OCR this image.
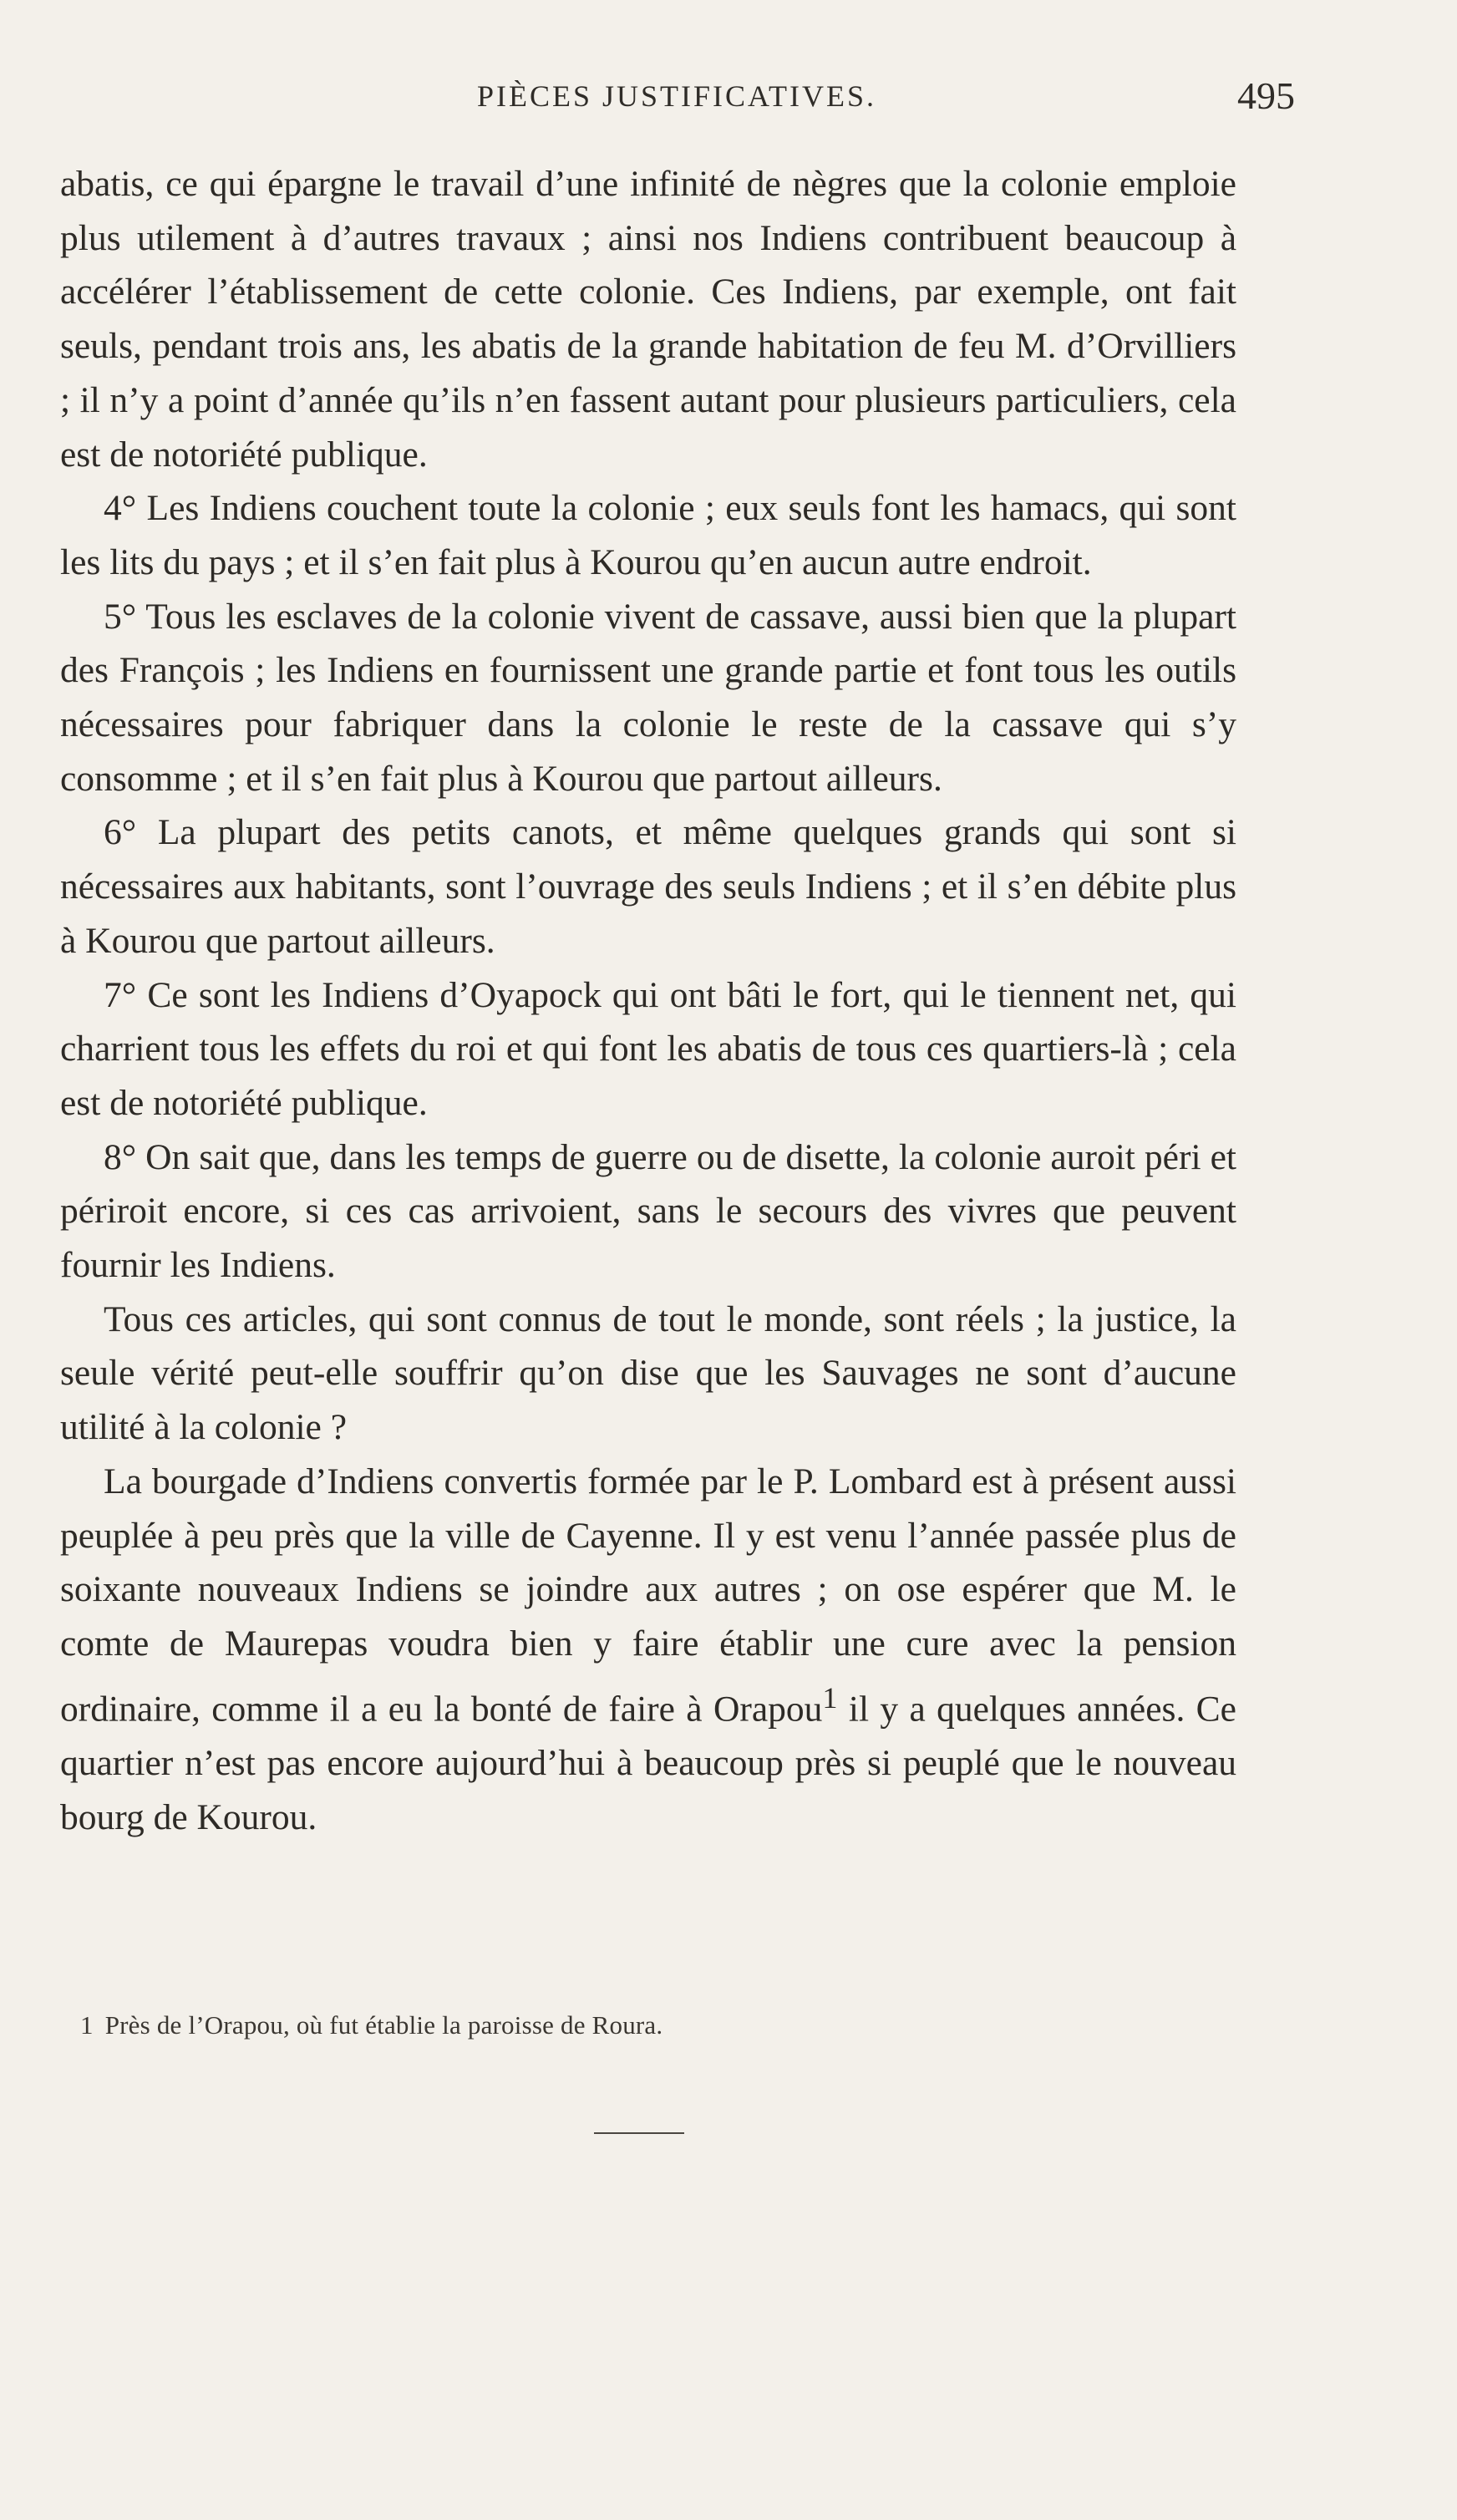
PIÈCES JUSTIFICATIVES.	495

abatis, ce qui épargne le travail d’une infinité de nègres que la colonie emploie plus utilement à d’autres travaux ; ainsi nos Indiens contribuent beaucoup à accélérer l’établissement de cette colonie. Ces Indiens, par exemple, ont fait seuls, pendant trois ans, les abatis de la grande habitation de feu M. d’Orvilliers ; il n’y a point d’année qu’ils n’en fassent autant pour plusieurs particuliers, cela est de notoriété publique.

4° Les Indiens couchent toute la colonie ; eux seuls font les hamacs, qui sont les lits du pays ; et il s’en fait plus à Kourou qu’en aucun autre endroit.

5° Tous les esclaves de la colonie vivent de cassave, aussi bien que la plupart des François ; les Indiens en fournissent une grande partie et font tous les outils nécessaires pour fabriquer dans la colonie le reste de la cassave qui s’y consomme ; et il s’en fait plus à Kourou que partout ailleurs.

6° La plupart des petits canots, et même quelques grands qui sont si nécessaires aux habitants, sont l’ouvrage des seuls Indiens ; et il s’en débite plus à Kourou que partout ailleurs.

7° Ce sont les Indiens d’Oyapock qui ont bâti le fort, qui le tiennent net, qui charrient tous les effets du roi et qui font les abatis de tous ces quartiers-là ; cela est de notoriété publique.

8° On sait que, dans les temps de guerre ou de disette, la colonie auroit péri et périroit encore, si ces cas arrivoient, sans le secours des vivres que peuvent fournir les Indiens.

Tous ces articles, qui sont connus de tout le monde, sont réels ; la justice, la seule vérité peut-elle souffrir qu’on dise que les Sauvages ne sont d’aucune utilité à la colonie ?

La bourgade d’Indiens convertis formée par le P. Lombard est à présent aussi peuplée à peu près que la ville de Cayenne. Il y est venu l’année passée plus de soixante nouveaux Indiens se joindre aux autres ; on ose espérer que M. le comte de Maurepas voudra bien y faire établir une cure avec la pension ordinaire, comme il a eu la bonté de faire à Orapou$^1$ il y a quelques années. Ce quartier n’est pas encore aujourd’hui à beaucoup près si peuplé que le nouveau bourg de Kourou.

1 Près de l’Orapou, où fut établie la paroisse de Roura.
